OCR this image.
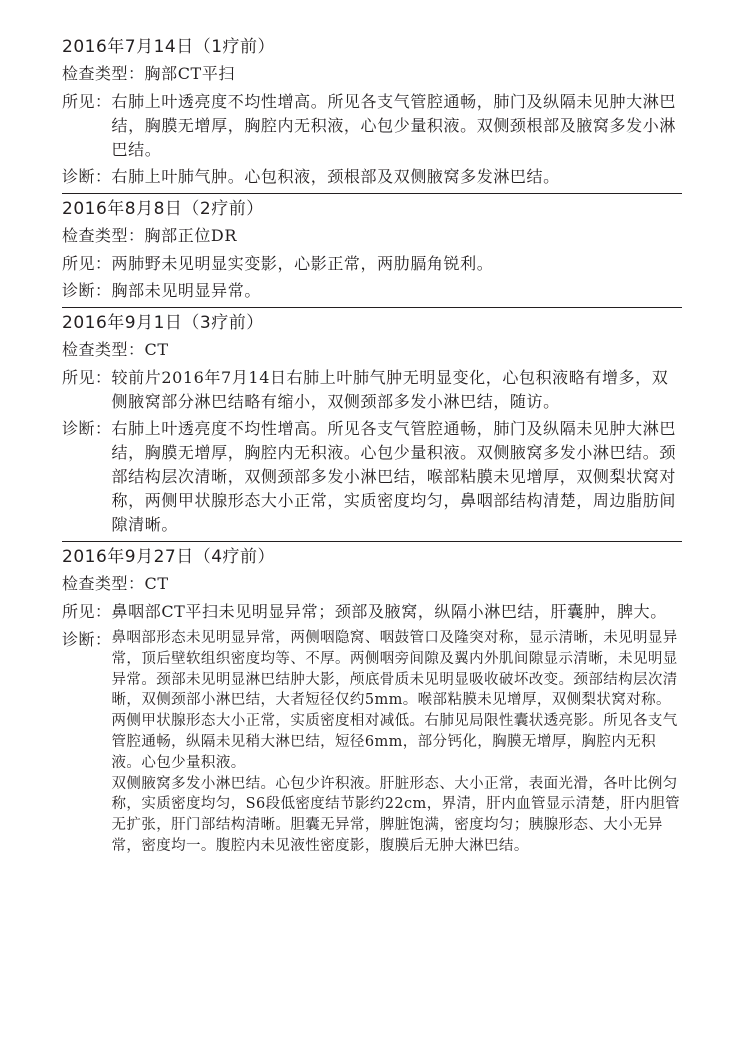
2016年7月14日（1疗前）
检查类型： 胸部CT平扫
所见： 右肺上叶透亮度不均性增高。所见各支气管腔通畅，肺门及纵隔未见肿大淋巴结，胸膜无增厚，胸腔内无积液，心包少量积液。双侧颈根部及腋窝多发小淋巴结。
诊断： 右肺上叶肺气肿。心包积液，颈根部及双侧腋窝多发淋巴结。
2016年8月8日（2疗前）
检查类型： 胸部正位DR
所见： 两肺野未见明显实变影，心影正常，两肋膈角锐利。
诊断： 胸部未见明显异常。
2016年9月1日（3疗前）
检查类型： CT
所见： 较前片2016年7月14日右肺上叶肺气肿无明显变化，心包积液略有增多，双侧腋窝部分淋巴结略有缩小，双侧颈部多发小淋巴结，随访。
诊断： 右肺上叶透亮度不均性增高。所见各支气管腔通畅，肺门及纵隔未见肿大淋巴结，胸膜无增厚，胸腔内无积液。心包少量积液。双侧腋窝多发小淋巴结。颈部结构层次清晰，双侧颈部多发小淋巴结，喉部粘膜未见增厚，双侧梨状窝对称，两侧甲状腺形态大小正常，实质密度均匀，鼻咽部结构清楚，周边脂肪间隙清晰。
2016年9月27日（4疗前）
检查类型： CT
所见： 鼻咽部CT平扫未见明显异常；颈部及腋窝，纵隔小淋巴结，肝囊肿，脾大。
诊断： 鼻咽部形态未见明显异常，两侧咽隐窝、咽鼓管口及隆突对称，显示清晰，未见明显异常，顶后壁软组织密度均等、不厚。两侧咽旁间隙及翼内外肌间隙显示清晰，未见明显异常。颈部未见明显淋巴结肿大影，颅底骨质未见明显吸收破坏改变。颈部结构层次清晰，双侧颈部小淋巴结，大者短径仅约5mm。喉部粘膜未见增厚，双侧梨状窝对称。两侧甲状腺形态大小正常，实质密度相对减低。右肺见局限性囊状透亮影。所见各支气管腔通畅，纵隔未见稍大淋巴结，短径6mm，部分钙化，胸膜无增厚，胸腔内无积液。心包少量积液。
双侧腋窝多发小淋巴结。心包少许积液。肝脏形态、大小正常，表面光滑，各叶比例匀称，实质密度均匀，S6段低密度结节影约22cm，界清，肝内血管显示清楚，肝内胆管无扩张，肝门部结构清晰。胆囊无异常，脾脏饱满，密度均匀；胰腺形态、大小无异常，密度均一。腹腔内未见液性密度影，腹膜后无肿大淋巴结。
